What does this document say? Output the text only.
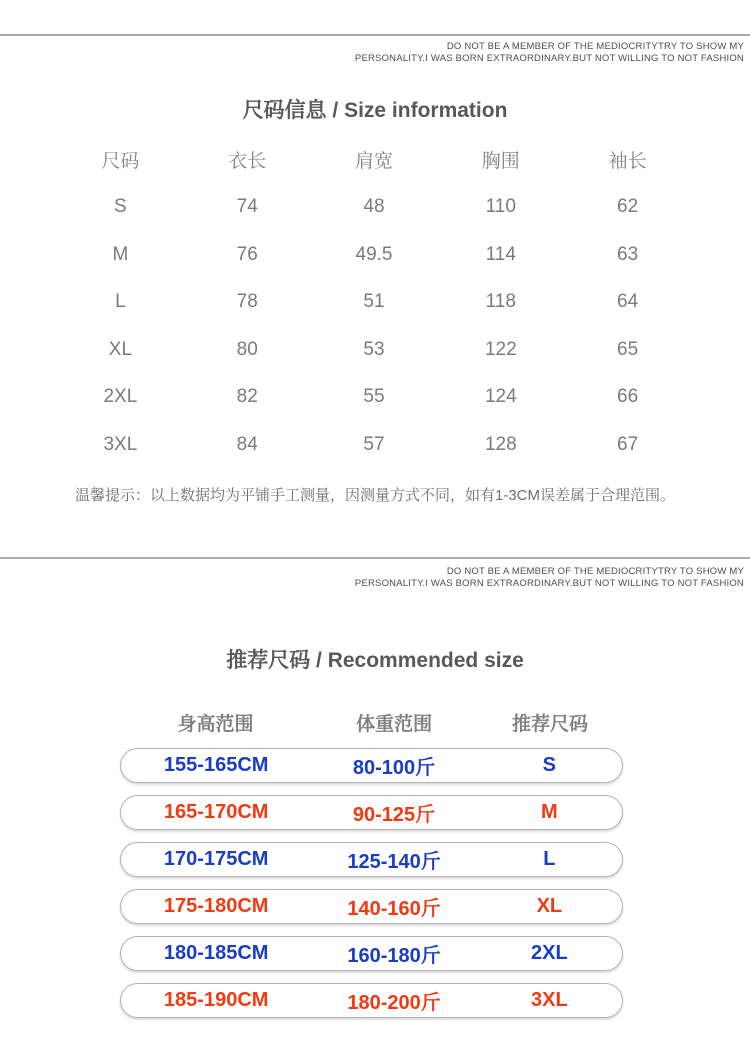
DO NOT BE A MEMBER OF THE MEDIOCRITYTRY TO SHOW MY
PERSONALITY.I WAS BORN EXTRAORDINARY.BUT NOT WILLING TO NOT FASHION
尺码信息 / Size information
尺码	衣长	肩宽	胸围	袖长
S	74	48	110	62
M	76	49.5	114	63
L	78	51	118	64
XL	80	53	122	65
2XL	82	55	124	66
3XL	84	57	128	67

温馨提示：以上数据均为平铺手工测量，因测量方式不同，如有1-3CM误差属于合理范围。

DO NOT BE A MEMBER OF THE MEDIOCRITYTRY TO SHOW MY
PERSONALITY.I WAS BORN EXTRAORDINARY.BUT NOT WILLING TO NOT FASHION
推荐尺码 / Recommended size
身高范围	体重范围	推荐尺码
155-165CM	80-100斤	S
165-170CM	90-125斤	M
170-175CM	125-140斤	L
175-180CM	140-160斤	XL
180-185CM	160-180斤	2XL
185-190CM	180-200斤	3XL
